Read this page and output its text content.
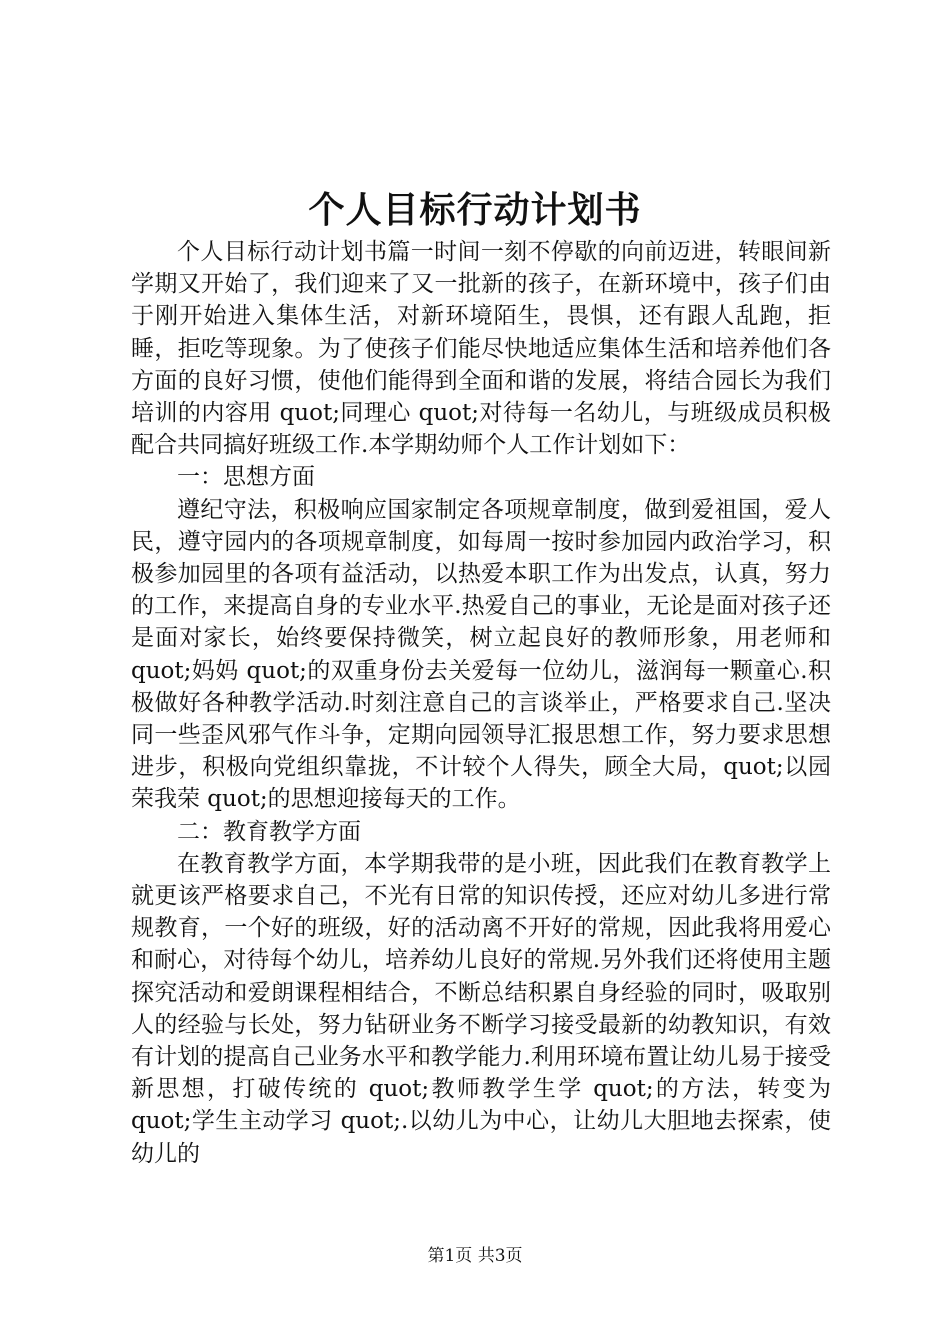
个人目标行动计划书

个人目标行动计划书篇一时间一刻不停歇的向前迈进，转眼间新学期又开始了，我们迎来了又一批新的孩子，在新环境中，孩子们由于刚开始进入集体生活，对新环境陌生，畏惧，还有跟人乱跑，拒睡，拒吃等现象。为了使孩子们能尽快地适应集体生活和培养他们各方面的良好习惯，使他们能得到全面和谐的发展，将结合园长为我们培训的内容用 quot;同理心 quot;对待每一名幼儿，与班级成员积极配合共同搞好班级工作.本学期幼师个人工作计划如下：

一：思想方面

遵纪守法，积极响应国家制定各项规章制度，做到爱祖国，爱人民，遵守园内的各项规章制度，如每周一按时参加园内政治学习，积极参加园里的各项有益活动，以热爱本职工作为出发点，认真，努力的工作，来提高自身的专业水平.热爱自己的事业，无论是面对孩子还是面对家长，始终要保持微笑，树立起良好的教师形象，用老师和 quot;妈妈 quot;的双重身份去关爱每一位幼儿，滋润每一颗童心.积极做好各种教学活动.时刻注意自己的言谈举止，严格要求自己.坚决同一些歪风邪气作斗争，定期向园领导汇报思想工作，努力要求思想进步，积极向党组织靠拢，不计较个人得失，顾全大局，quot;以园荣我荣 quot;的思想迎接每天的工作。

二：教育教学方面

在教育教学方面，本学期我带的是小班，因此我们在教育教学上就更该严格要求自己，不光有日常的知识传授，还应对幼儿多进行常规教育，一个好的班级，好的活动离不开好的常规，因此我将用爱心和耐心，对待每个幼儿，培养幼儿良好的常规.另外我们还将使用主题探究活动和爱朗课程相结合，不断总结积累自身经验的同时，吸取别人的经验与长处，努力钻研业务不断学习接受最新的幼教知识，有效有计划的提高自己业务水平和教学能力.利用环境布置让幼儿易于接受新思想，打破传统的 quot;教师教学生学 quot;的方法，转变为 quot;学生主动学习 quot;.以幼儿为中心，让幼儿大胆地去探索，使幼儿的

第1页 共3页
